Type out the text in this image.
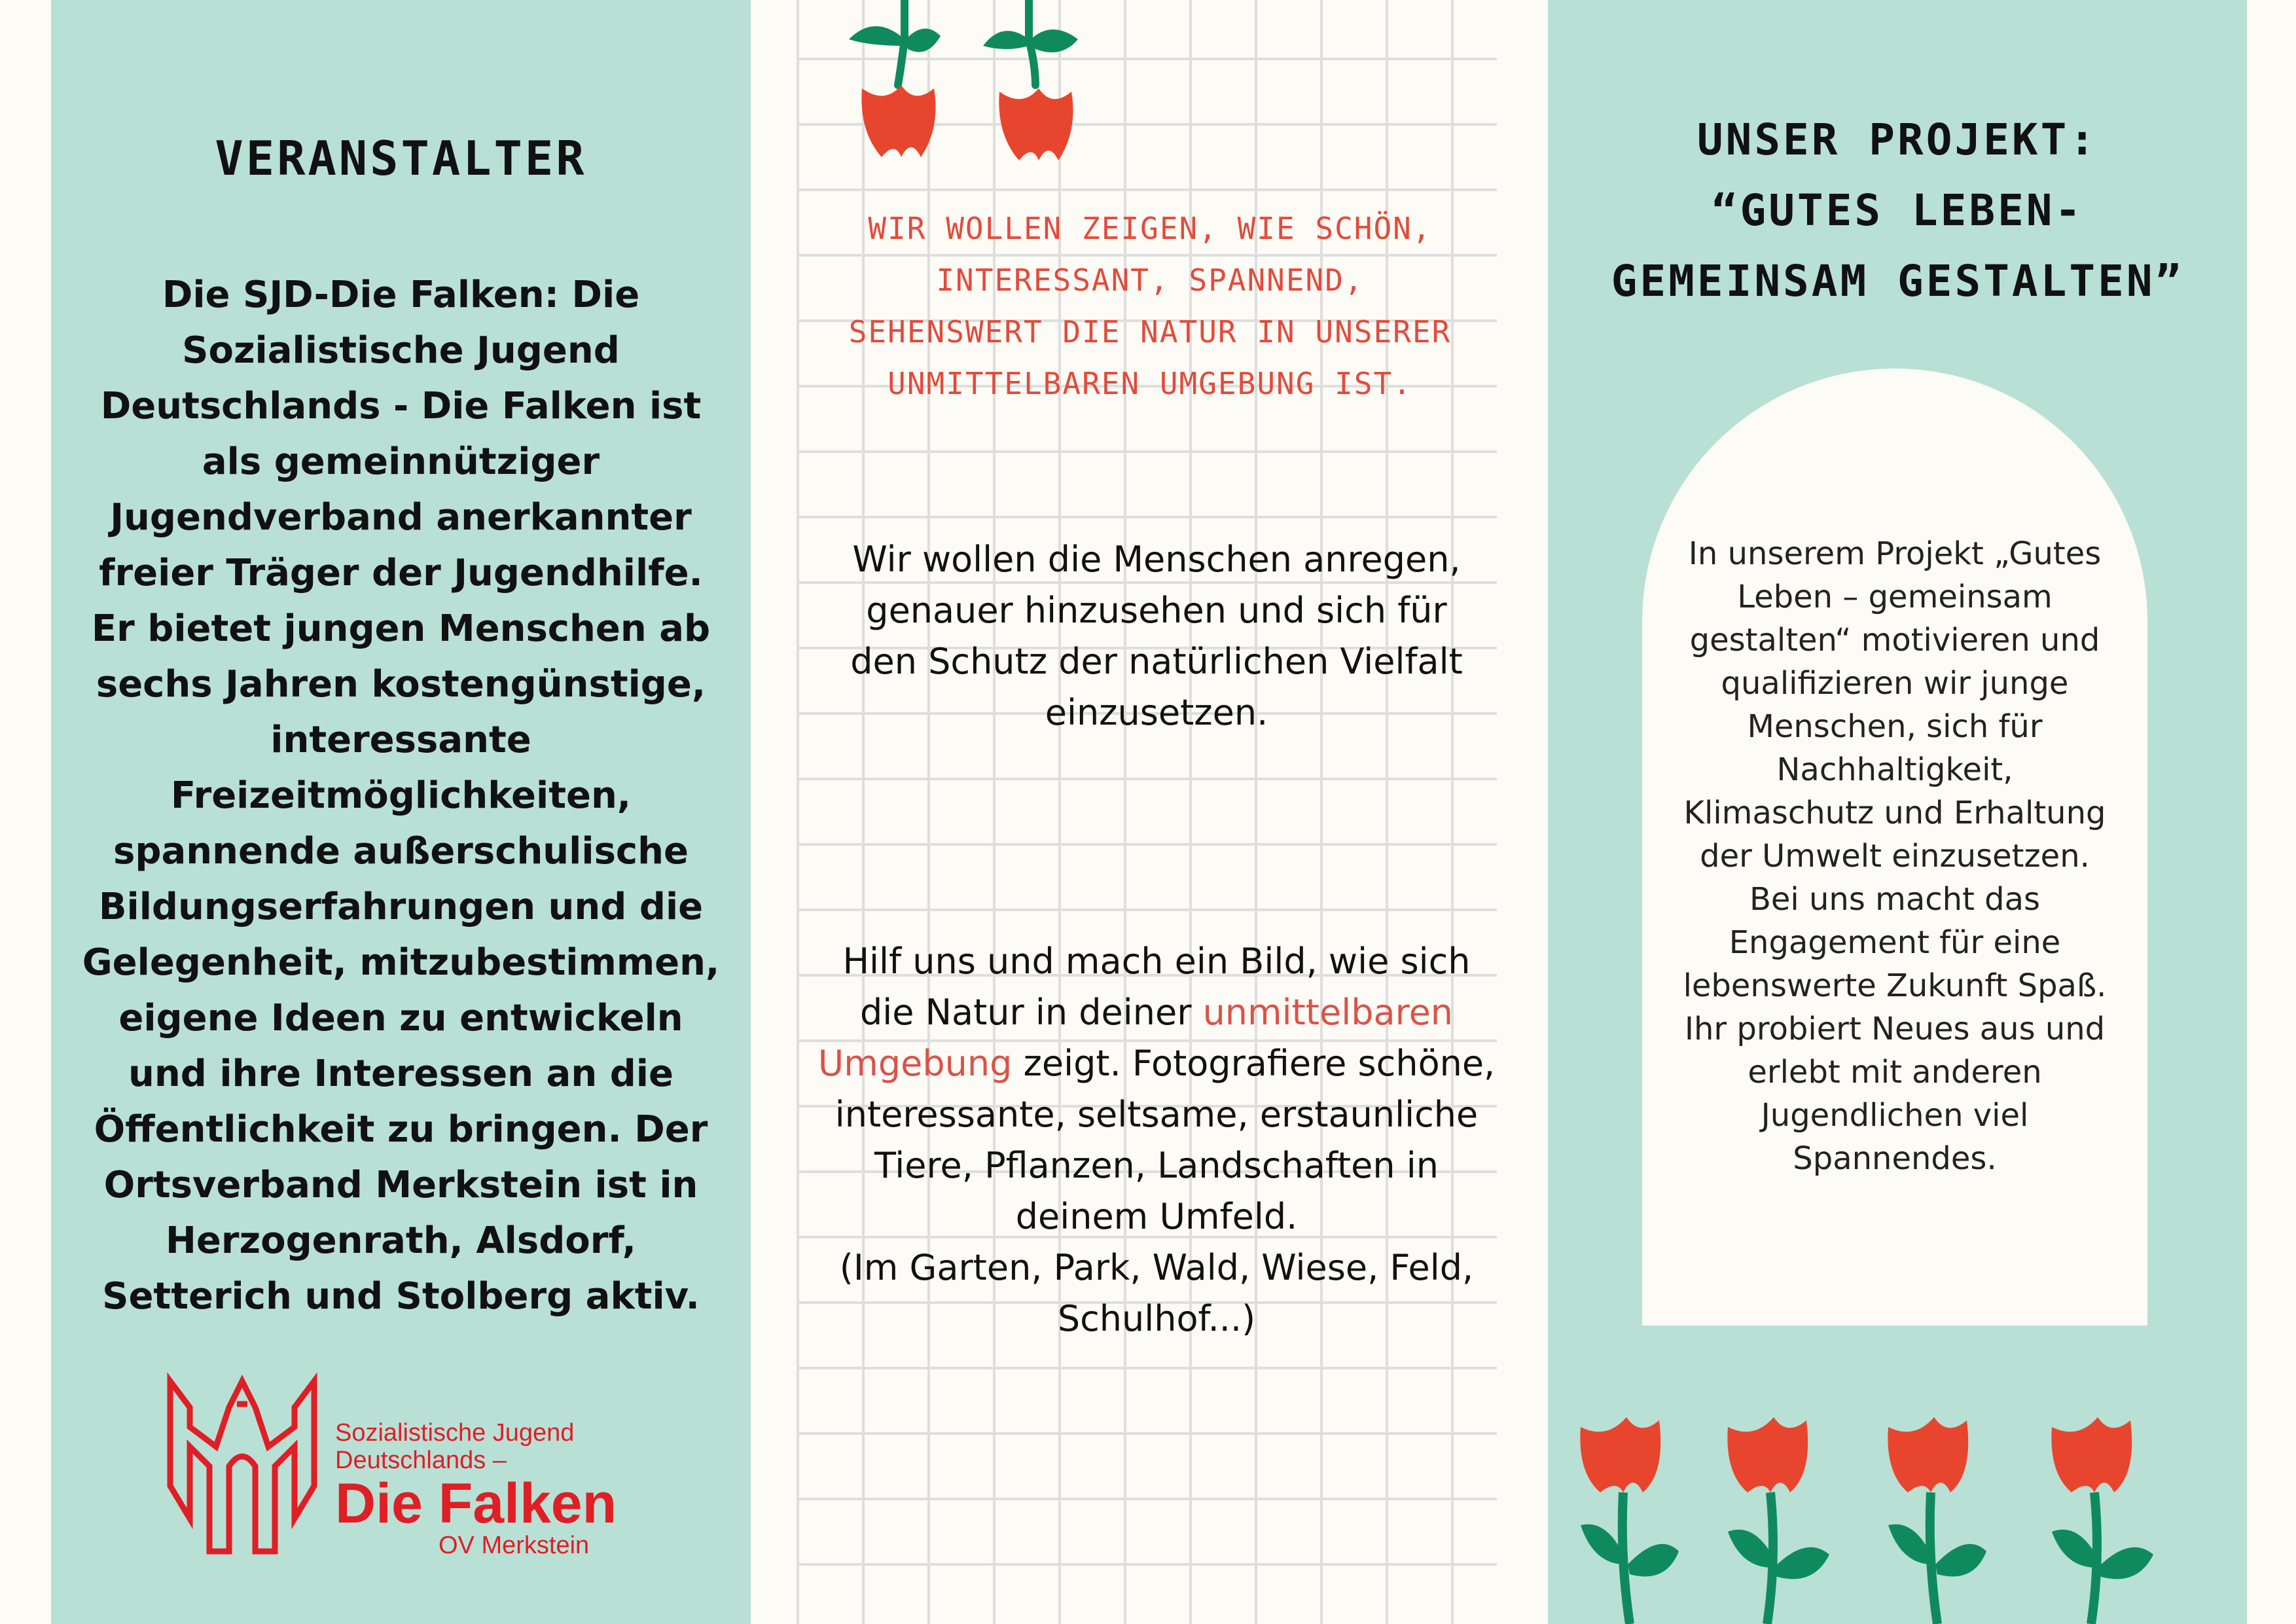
VERANSTALTER
Die SJD-Die Falken: Die Sozialistische Jugend Deutschlands - Die Falken ist als gemeinnütziger Jugendverband anerkannter freier Träger der Jugendhilfe. Er bietet jungen Menschen ab sechs Jahren kostengünstige, interessante Freizeitmöglichkeiten, spannende außerschulische Bildungserfahrungen und die Gelegenheit, mitzubestimmen, eigene Ideen zu entwickeln und ihre Interessen an die Öffentlichkeit zu bringen. Der Ortsverband Merkstein ist in Herzogenrath, Alsdorf, Setterich und Stolberg aktiv.
Sozialistische Jugend
Deutschlands –
Die Falken
OV Merkstein
WIR WOLLEN ZEIGEN, WIE SCHÖN, INTERESSANT, SPANNEND, SEHENSWERT DIE NATUR IN UNSERER UNMITTELBAREN UMGEBUNG IST.
Wir wollen die Menschen anregen, genauer hinzusehen und sich für den Schutz der natürlichen Vielfalt einzusetzen.
Hilf uns und mach ein Bild, wie sich die Natur in deiner unmittelbaren Umgebung zeigt. Fotografiere schöne, interessante, seltsame, erstaunliche Tiere, Pflanzen, Landschaften in deinem Umfeld.
(Im Garten, Park, Wald, Wiese, Feld, Schulhof...)
UNSER PROJEKT:
“GUTES LEBEN-
GEMEINSAM GESTALTEN”
In unserem Projekt „Gutes Leben – gemeinsam gestalten“ motivieren und qualifizieren wir junge Menschen, sich für Nachhaltigkeit, Klimaschutz und Erhaltung der Umwelt einzusetzen. Bei uns macht das Engagement für eine lebenswerte Zukunft Spaß. Ihr probiert Neues aus und erlebt mit anderen Jugendlichen viel Spannendes.
